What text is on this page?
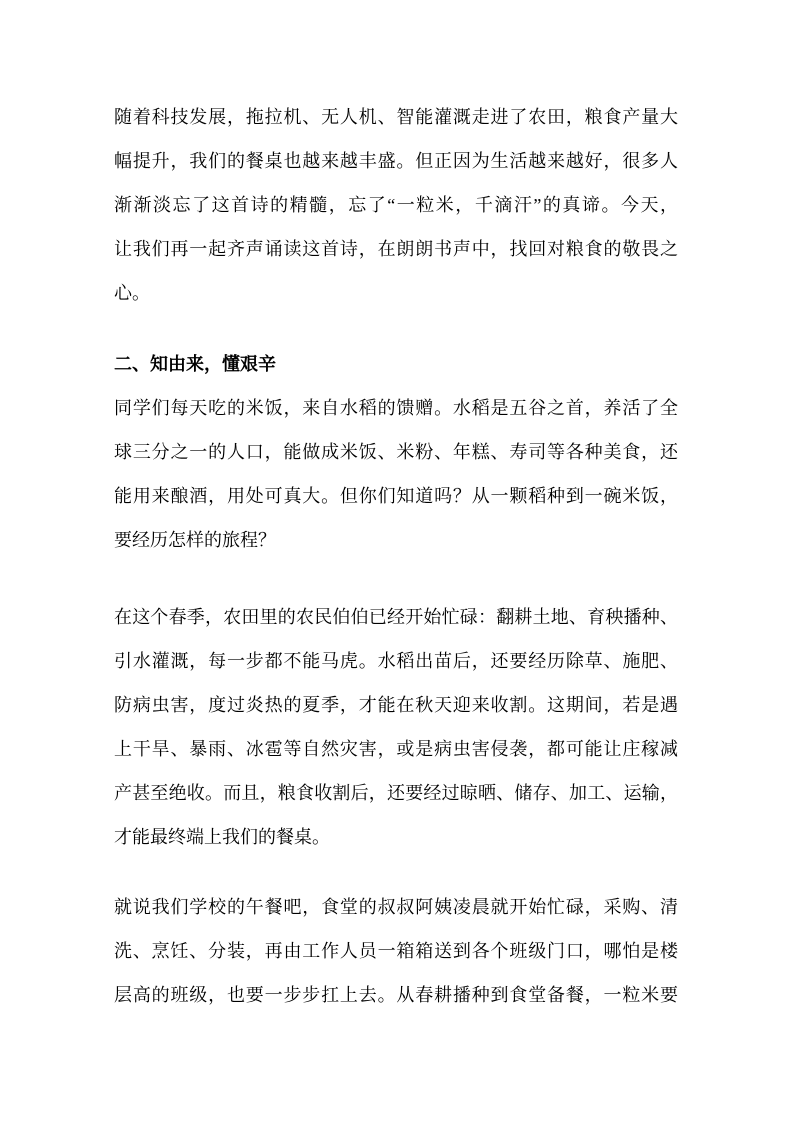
随着科技发展，拖拉机、无人机、智能灌溉走进了农田，粮食产量大
幅提升，我们的餐桌也越来越丰盛。但正因为生活越来越好，很多人
渐渐淡忘了这首诗的精髓，忘了“一粒米，千滴汗”的真谛。今天，
让我们再一起齐声诵读这首诗，在朗朗书声中，找回对粮食的敬畏之
心。
二、知由来，懂艰辛
同学们每天吃的米饭，来自水稻的馈赠。水稻是五谷之首，养活了全
球三分之一的人口，能做成米饭、米粉、年糕、寿司等各种美食，还
能用来酿酒，用处可真大。但你们知道吗？从一颗稻种到一碗米饭，
要经历怎样的旅程？
在这个春季，农田里的农民伯伯已经开始忙碌：翻耕土地、育秧播种、
引水灌溉，每一步都不能马虎。水稻出苗后，还要经历除草、施肥、
防病虫害，度过炎热的夏季，才能在秋天迎来收割。这期间，若是遇
上干旱、暴雨、冰雹等自然灾害，或是病虫害侵袭，都可能让庄稼减
产甚至绝收。而且，粮食收割后，还要经过晾晒、储存、加工、运输，
才能最终端上我们的餐桌。
就说我们学校的午餐吧，食堂的叔叔阿姨凌晨就开始忙碌，采购、清
洗、烹饪、分装，再由工作人员一箱箱送到各个班级门口，哪怕是楼
层高的班级，也要一步步扛上去。从春耕播种到食堂备餐，一粒米要
